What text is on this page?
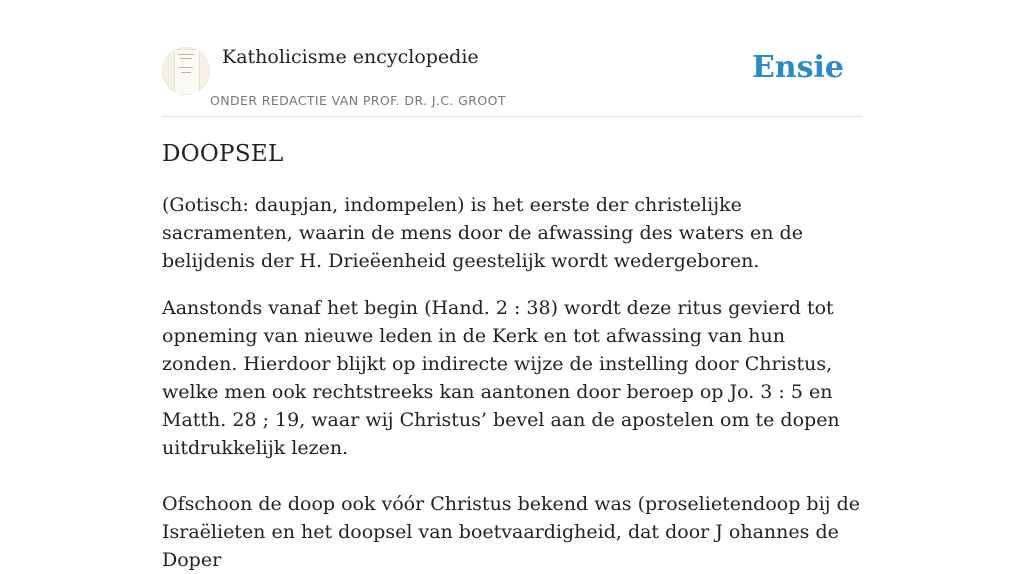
Katholicisme encyclopedie
ONDER REDACTIE VAN PROF. DR. J.C. GROOT
Ensie
DOOPSEL

(Gotisch: daupjan, indompelen) is het eerste der christelijke sacramenten, waarin de mens door de afwassing des waters en de belijdenis der H. Drieëenheid geestelijk wordt wedergeboren.

Aanstonds vanaf het begin (Hand. 2 : 38) wordt deze ritus gevierd tot opneming van nieuwe leden in de Kerk en tot afwassing van hun zonden. Hierdoor blijkt op indirecte wijze de instelling door Christus, welke men ook rechtstreeks kan aantonen door beroep op Jo. 3 : 5 en Matth. 28 ; 19, waar wij Christus’ bevel aan de apostelen om te dopen uitdrukkelijk lezen.

Ofschoon de doop ook vóór Christus bekend was (proselietendoop bij de Israëlieten en het doopsel van boetvaardigheid, dat door J ohannes de Doper
